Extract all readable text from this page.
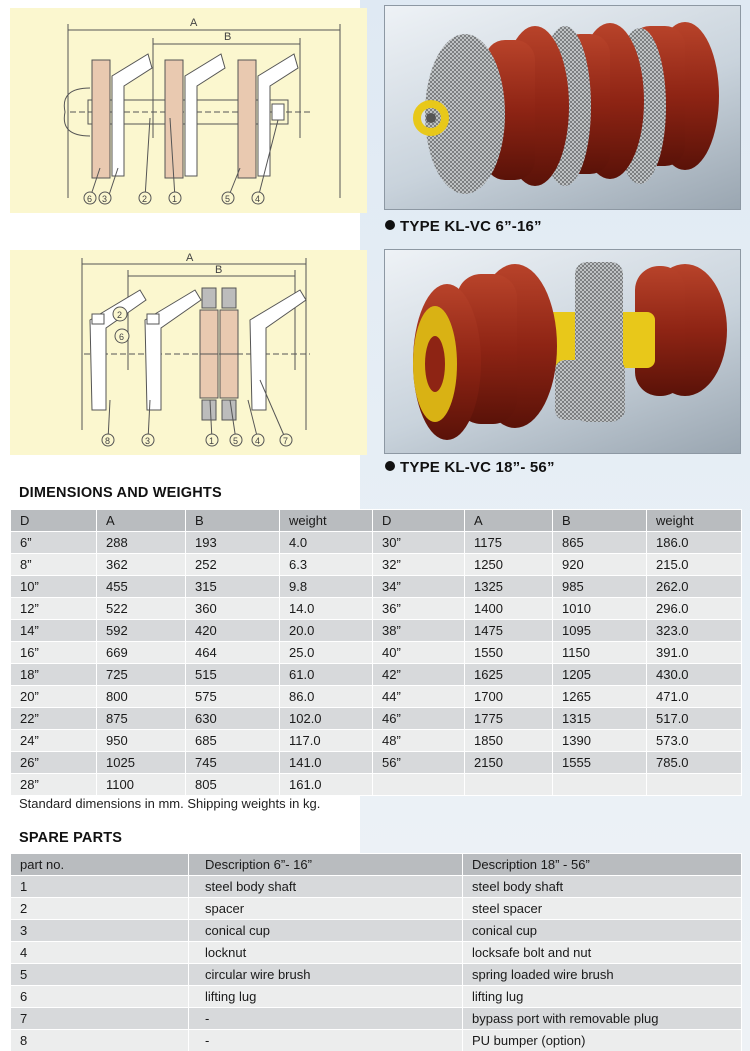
A
B
6 3	2	1	5	4
TYPE KL-VC 6”-16”
A
B
2
6
8	3	1 5 4	7
TYPE KL-VC 18”- 56”
DIMENSIONS AND WEIGHTS
D	A	B	weight	D	A	B	weight
6”	288	193	4.0	30”	1175	865	186.0
8”	362	252	6.3	32”	1250	920	215.0
10”	455	315	9.8	34”	1325	985	262.0
12”	522	360	14.0	36”	1400	1010	296.0
14”	592	420	20.0	38”	1475	1095	323.0
16”	669	464	25.0	40”	1550	1150	391.0
18”	725	515	61.0	42”	1625	1205	430.0
20”	800	575	86.0	44”	1700	1265	471.0
22”	875	630	102.0	46”	1775	1315	517.0
24”	950	685	117.0	48”	1850	1390	573.0
26”	1025	745	141.0	56”	2150	1555	785.0
28”	1100	805	161.0				
Standard dimensions in mm. Shipping weights in kg.
SPARE PARTS
part no.	Description 6”- 16”	Description 18” - 56”
1	steel body shaft	steel body shaft
2	spacer	steel spacer
3	conical cup	conical cup
4	locknut	locksafe bolt and nut
5	circular wire brush	spring loaded wire brush
6	lifting lug	lifting lug
7	-	bypass port with removable plug
8	-	PU bumper (option)
